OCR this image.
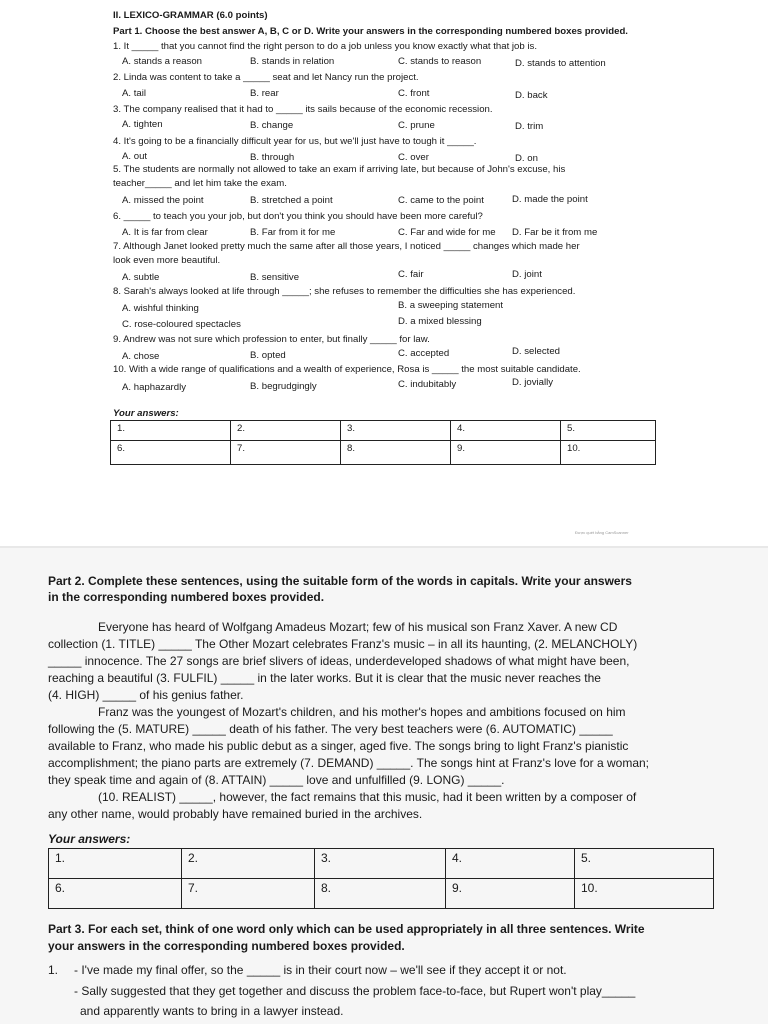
II. LEXICO-GRAMMAR (6.0 points)
Part 1. Choose the best answer A, B, C or D. Write your answers in the corresponding numbered boxes provided.
1. It _____ that you cannot find the right person to do a job unless you know exactly what that job is.
A. stands a reason	B. stands in relation	C. stands to reason	D. stands to attention
2. Linda was content to take a _____ seat and let Nancy run the project.
A. tail	B. rear	C. front	D. back
3. The company realised that it had to _____ its sails because of the economic recession.
A. tighten	B. change	C. prune	D. trim
4. It's going to be a financially difficult year for us, but we'll just have to tough it _____.
A. out	B. through	C. over	D. on
5. The students are normally not allowed to take an exam if arriving late, but because of John's excuse, his
teacher_____ and let him take the exam.
A. missed the point	B. stretched a point	C. came to the point	D. made the point
6. _____ to teach you your job, but don't you think you should have been more careful?
A. It is far from clear	B. Far from it for me	C. Far and wide for me D. Far be it from me
7. Although Janet looked pretty much the same after all those years, I noticed _____ changes which made her
look even more beautiful.
A. subtle	B. sensitive	C. fair	D. joint
8. Sarah's always looked at life through _____; she refuses to remember the difficulties she has experienced.
A. wishful thinking	B. a sweeping statement
C. rose-coloured spectacles	D. a mixed blessing
9. Andrew was not sure which profession to enter, but finally _____ for law.
A. chose	B. opted	C. accepted	D. selected
10. With a wide range of qualifications and a wealth of experience, Rosa is _____ the most suitable candidate.
A. haphazardly	B. begrudgingly	C. indubitably	D. jovially
Your answers:
1.	2.	3.	4.	5.
6.	7.	8.	9.	10.
Được quét bằng CamScanner
Part 2. Complete these sentences, using the suitable form of the words in capitals. Write your answers
in the corresponding numbered boxes provided.
Everyone has heard of Wolfgang Amadeus Mozart; few of his musical son Franz Xaver. A new CD
collection (1. TITLE) _____ The Other Mozart celebrates Franz's music – in all its haunting, (2. MELANCHOLY)
_____ innocence. The 27 songs are brief slivers of ideas, underdeveloped shadows of what might have been,
reaching a beautiful (3. FULFIL) _____ in the later works. But it is clear that the music never reaches the
(4. HIGH) _____ of his genius father.
Franz was the youngest of Mozart's children, and his mother's hopes and ambitions focused on him
following the (5. MATURE) _____ death of his father. The very best teachers were (6. AUTOMATIC) _____
available to Franz, who made his public debut as a singer, aged five. The songs bring to light Franz's pianistic
accomplishment; the piano parts are extremely (7. DEMAND) _____. The songs hint at Franz's love for a woman;
they speak time and again of (8. ATTAIN) _____ love and unfulfilled (9. LONG) _____.
(10. REALIST) _____, however, the fact remains that this music, had it been written by a composer of
any other name, would probably have remained buried in the archives.
Your answers:
1.	2.	3.	4.	5.
6.	7.	8.	9.	10.
Part 3. For each set, think of one word only which can be used appropriately in all three sentences. Write
your answers in the corresponding numbered boxes provided.
1. - I've made my final offer, so the _____ is in their court now – we'll see if they accept it or not.
- Sally suggested that they get together and discuss the problem face-to-face, but Rupert won't play_____
and apparently wants to bring in a lawyer instead.
